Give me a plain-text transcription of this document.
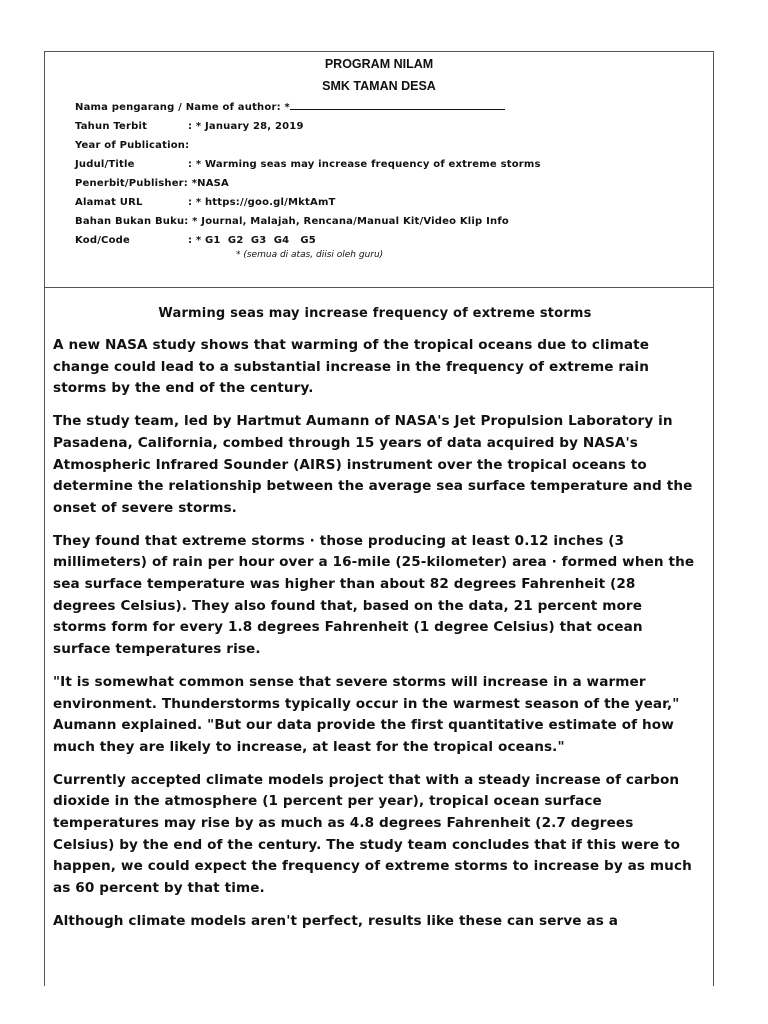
PROGRAM NILAM
SMK TAMAN DESA
Nama pengarang / Name of author: *
Tahun Terbit	: * January 28, 2019
Year of Publication:
Judul/Title	: * Warming seas may increase frequency of extreme storms
Penerbit/Publisher: *NASA
Alamat URL	: * https://goo.gl/MktAmT
Bahan Bukan Buku: * Journal, Malajah, Rencana/Manual Kit/Video Klip Info
Kod/Code	: * G1  G2  G3  G4   G5
* (semua di atas, diisi oleh guru)
Warming seas may increase frequency of extreme storms

A new NASA study shows that warming of the tropical oceans due to climate change could lead to a substantial increase in the frequency of extreme rain storms by the end of the century.

The study team, led by Hartmut Aumann of NASA's Jet Propulsion Laboratory in Pasadena, California, combed through 15 years of data acquired by NASA's Atmospheric Infrared Sounder (AIRS) instrument over the tropical oceans to determine the relationship between the average sea surface temperature and the onset of severe storms.

They found that extreme storms · those producing at least 0.12 inches (3 millimeters) of rain per hour over a 16-mile (25-kilometer) area · formed when the sea surface temperature was higher than about 82 degrees Fahrenheit (28 degrees Celsius). They also found that, based on the data, 21 percent more storms form for every 1.8 degrees Fahrenheit (1 degree Celsius) that ocean surface temperatures rise.

"It is somewhat common sense that severe storms will increase in a warmer environment. Thunderstorms typically occur in the warmest season of the year," Aumann explained. "But our data provide the first quantitative estimate of how much they are likely to increase, at least for the tropical oceans."

Currently accepted climate models project that with a steady increase of carbon dioxide in the atmosphere (1 percent per year), tropical ocean surface temperatures may rise by as much as 4.8 degrees Fahrenheit (2.7 degrees Celsius) by the end of the century. The study team concludes that if this were to happen, we could expect the frequency of extreme storms to increase by as much as 60 percent by that time.

Although climate models aren't perfect, results like these can serve as a
